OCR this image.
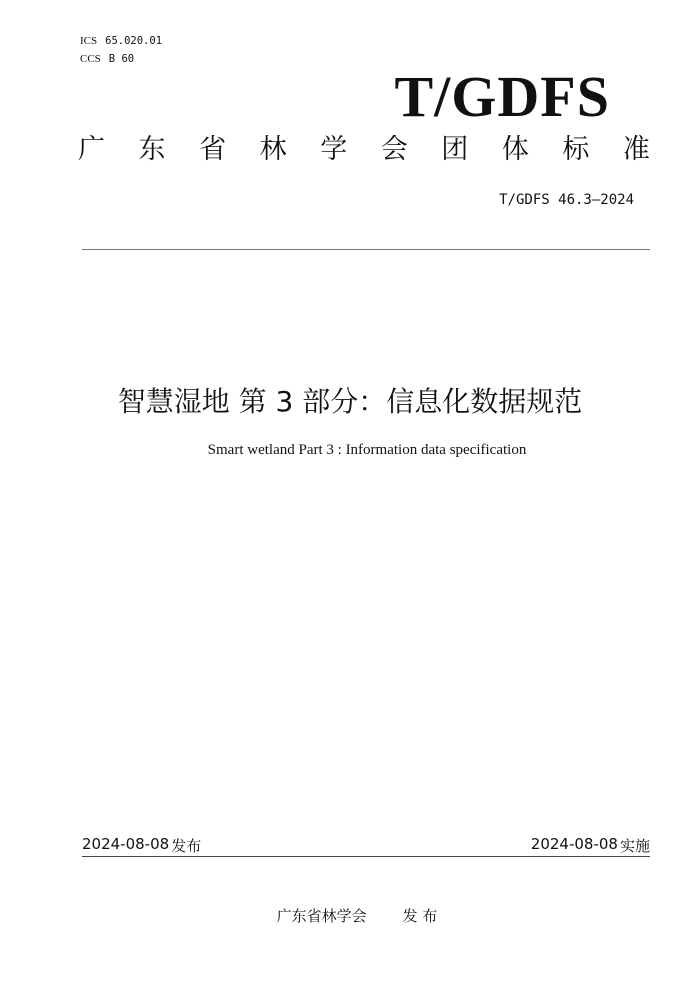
ICS 65.020.01
CCS B 60
T/GDFS
广 东 省 林 学 会 团 体 标 准
T/GDFS 46.3—2024
智慧湿地 第 3 部分：信息化数据规范
Smart wetland Part 3 : Information data specification
2024-08-08 发布	2024-08-08 实施
广东省林学会 发 布
